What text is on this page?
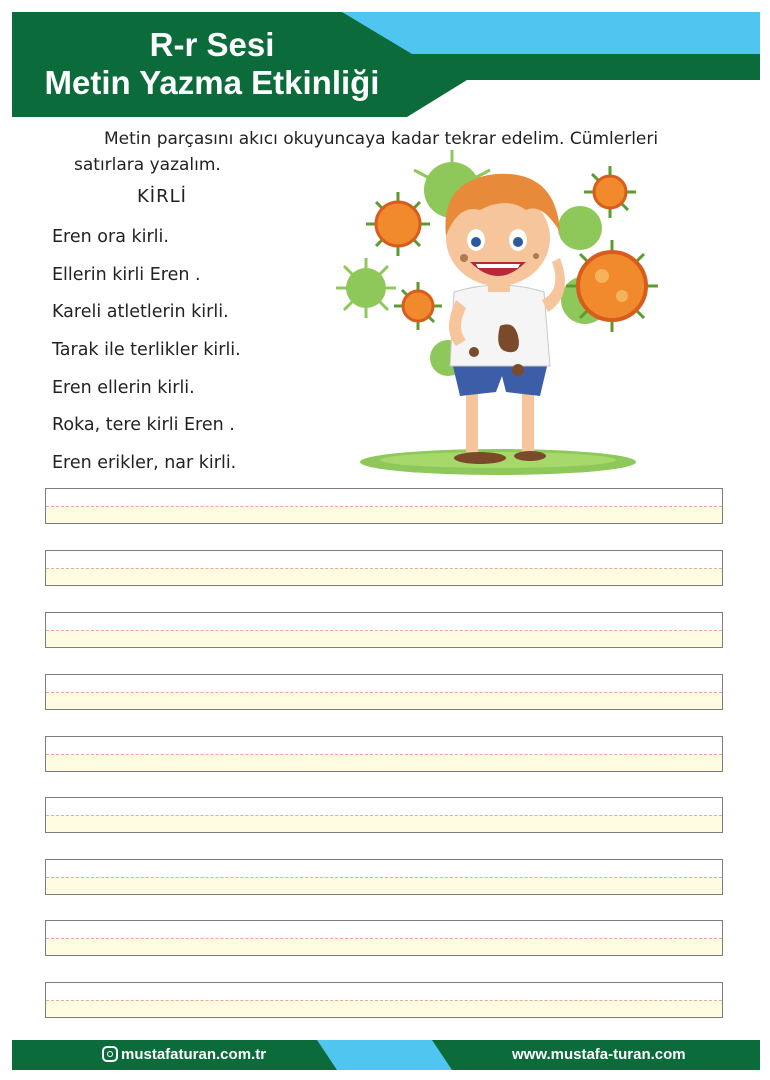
R-r Sesi
Metin Yazma Etkinliği
Metin parçasını akıcı okuyuncaya kadar tekrar edelim. Cümlerleri satırlara yazalım.
KİRLİ
Eren ora kirli.
Ellerin kirli Eren .
Kareli atletlerin kirli.
Tarak ile terlikler kirli.
Eren ellerin kirli.
Roka, tere kirli Eren .
Eren erikler, nar kirli.
mustafaturan.com.tr	www.mustafa-turan.com
